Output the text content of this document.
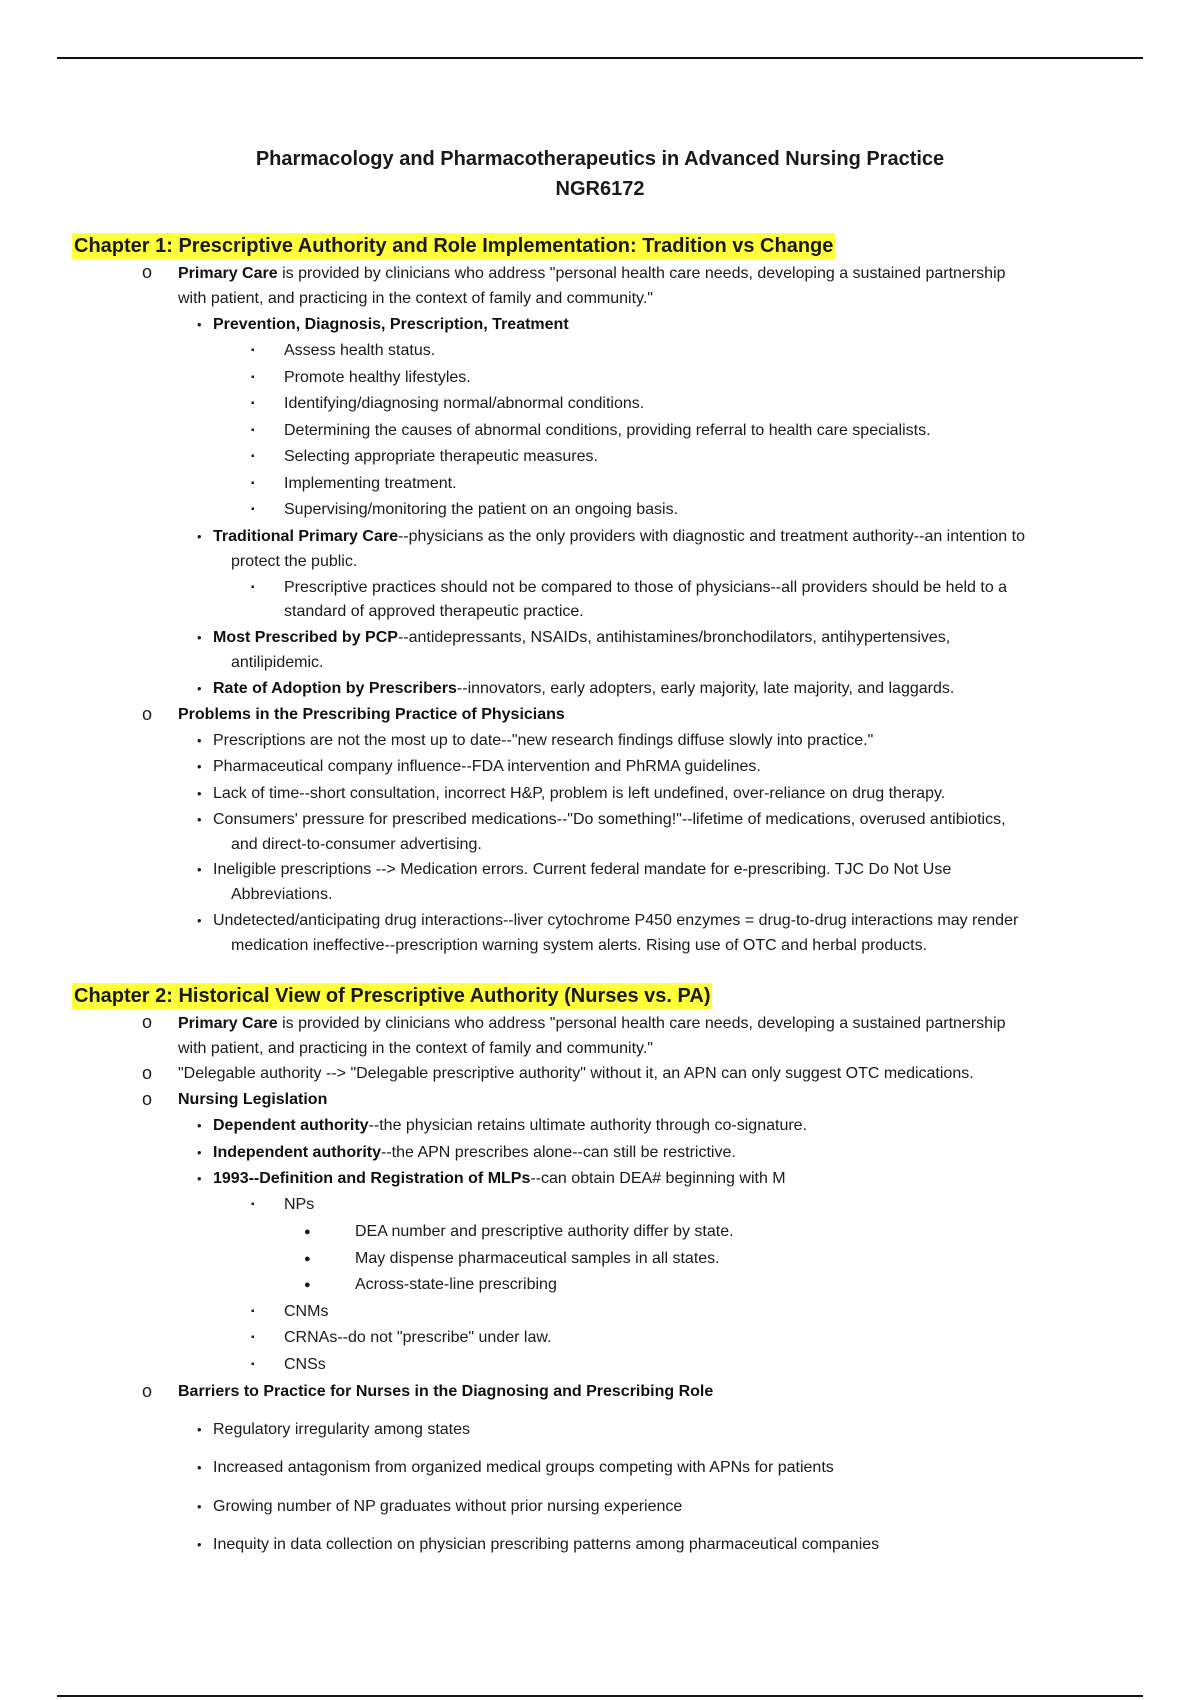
Pharmacology and Pharmacotherapeutics in Advanced Nursing Practice
NGR6172
Chapter 1: Prescriptive Authority and Role Implementation: Tradition vs Change
o Primary Care is provided by clinicians who address "personal health care needs, developing a sustained partnership
with patient, and practicing in the context of family and community."
• Prevention, Diagnosis, Prescription, Treatment
▪ Assess health status.
▪ Promote healthy lifestyles.
▪ Identifying/diagnosing normal/abnormal conditions.
▪ Determining the causes of abnormal conditions, providing referral to health care specialists.
▪ Selecting appropriate therapeutic measures.
▪ Implementing treatment.
▪ Supervising/monitoring the patient on an ongoing basis.
• Traditional Primary Care--physicians as the only providers with diagnostic and treatment authority--an intention to
protect the public.
▪ Prescriptive practices should not be compared to those of physicians--all providers should be held to a
standard of approved therapeutic practice.
• Most Prescribed by PCP--antidepressants, NSAIDs, antihistamines/bronchodilators, antihypertensives,
antilipidemic.
• Rate of Adoption by Prescribers--innovators, early adopters, early majority, late majority, and laggards.
o Problems in the Prescribing Practice of Physicians
• Prescriptions are not the most up to date--"new research findings diffuse slowly into practice."
• Pharmaceutical company influence--FDA intervention and PhRMA guidelines.
• Lack of time--short consultation, incorrect H&P, problem is left undefined, over-reliance on drug therapy.
• Consumers' pressure for prescribed medications--"Do something!"--lifetime of medications, overused antibiotics,
and direct-to-consumer advertising.
• Ineligible prescriptions --> Medication errors. Current federal mandate for e-prescribing. TJC Do Not Use
Abbreviations.
• Undetected/anticipating drug interactions--liver cytochrome P450 enzymes = drug-to-drug interactions may render
medication ineffective--prescription warning system alerts. Rising use of OTC and herbal products.
Chapter 2: Historical View of Prescriptive Authority (Nurses vs. PA)
o Primary Care is provided by clinicians who address "personal health care needs, developing a sustained partnership
with patient, and practicing in the context of family and community."
o "Delegable authority --> "Delegable prescriptive authority" without it, an APN can only suggest OTC medications.
o Nursing Legislation
• Dependent authority--the physician retains ultimate authority through co-signature.
• Independent authority--the APN prescribes alone--can still be restrictive.
• 1993--Definition and Registration of MLPs--can obtain DEA# beginning with M
▪ NPs
●	DEA number and prescriptive authority differ by state.
●	May dispense pharmaceutical samples in all states.
●	Across-state-line prescribing
▪ CNMs
▪ CRNAs--do not "prescribe" under law.
▪ CNSs
o Barriers to Practice for Nurses in the Diagnosing and Prescribing Role
• Regulatory irregularity among states
• Increased antagonism from organized medical groups competing with APNs for patients
• Growing number of NP graduates without prior nursing experience
• Inequity in data collection on physician prescribing patterns among pharmaceutical companies
